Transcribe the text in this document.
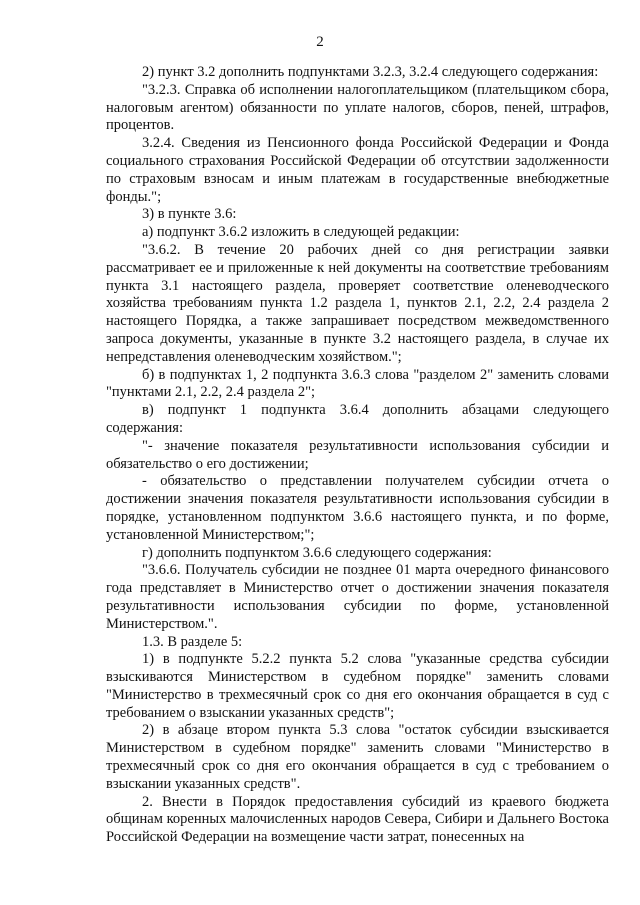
2

2) пункт 3.2 дополнить подпунктами 3.2.3, 3.2.4 следующего содержания:

"3.2.3. Справка об исполнении налогоплательщиком (плательщиком сбора, налоговым агентом) обязанности по уплате налогов, сборов, пеней, штрафов, процентов.

3.2.4. Сведения из Пенсионного фонда Российской Федерации и Фонда социального страхования Российской Федерации об отсутствии задолженности по страховым взносам и иным платежам в государственные внебюджетные фонды.";

3) в пункте 3.6:

а) подпункт 3.6.2 изложить в следующей редакции:

"3.6.2. В течение 20 рабочих дней со дня регистрации заявки рассматривает ее и приложенные к ней документы на соответствие требованиям пункта 3.1 настоящего раздела, проверяет соответствие оленеводческого хозяйства требованиям пункта 1.2 раздела 1, пунктов 2.1, 2.2, 2.4 раздела 2 настоящего Порядка, а также запрашивает посредством межведомственного запроса документы, указанные в пункте 3.2 настоящего раздела, в случае их непредставления оленеводческим хозяйством.";

б) в подпунктах 1, 2 подпункта 3.6.3 слова "разделом 2" заменить словами "пунктами 2.1, 2.2, 2.4 раздела 2";

в) подпункт 1 подпункта 3.6.4 дополнить абзацами следующего содержания:

"- значение показателя результативности использования субсидии и обязательство о его достижении;

- обязательство о представлении получателем субсидии отчета о достижении значения показателя результативности использования субсидии в порядке, установленном подпунктом 3.6.6 настоящего пункта, и по форме, установленной Министерством;";

г) дополнить подпунктом 3.6.6 следующего содержания:

"3.6.6. Получатель субсидии не позднее 01 марта очередного финансового года представляет в Министерство отчет о достижении значения показателя результативности использования субсидии по форме, установленной Министерством.".

1.3. В разделе 5:

1) в подпункте 5.2.2 пункта 5.2 слова "указанные средства субсидии взыскиваются Министерством в судебном порядке" заменить словами "Министерство в трехмесячный срок со дня его окончания обращается в суд с требованием о взыскании указанных средств";

2) в абзаце втором пункта 5.3 слова "остаток субсидии взыскивается Министерством в судебном порядке" заменить словами "Министерство в трехмесячный срок со дня его окончания обращается в суд с требованием о взыскании указанных средств".

2. Внести в Порядок предоставления субсидий из краевого бюджета общинам коренных малочисленных народов Севера, Сибири и Дальнего Востока Российской Федерации на возмещение части затрат, понесенных на
